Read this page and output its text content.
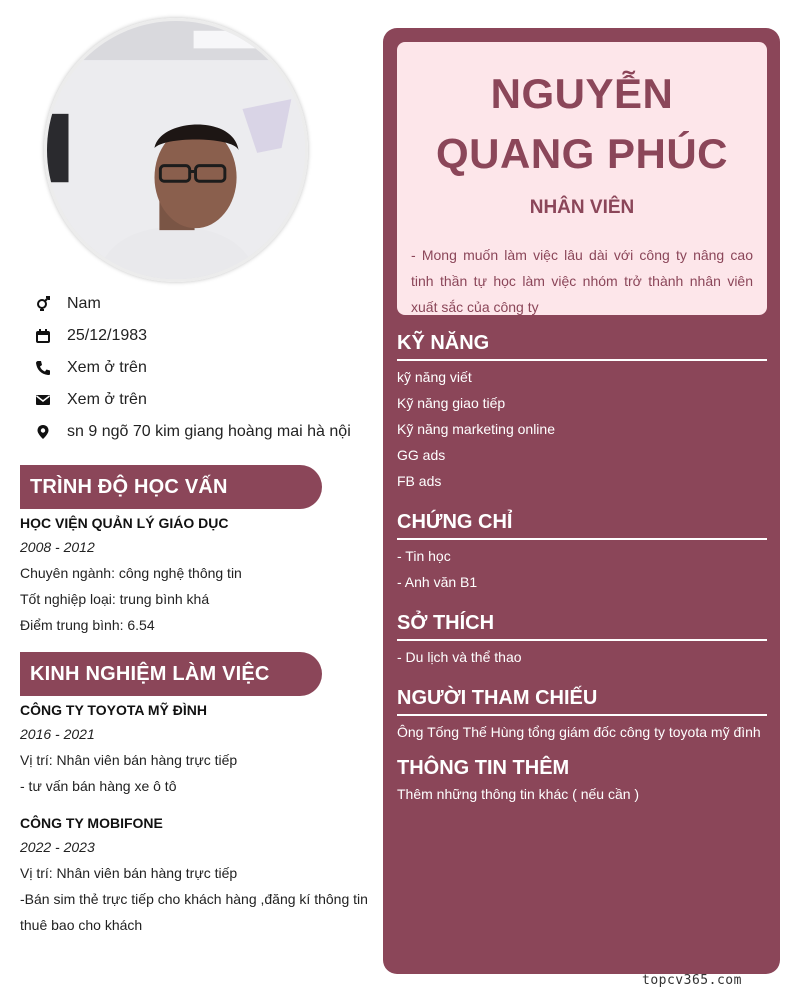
Nam
25/12/1983
Xem ở trên
Xem ở trên
sn 9 ngõ 70 kim giang hoàng mai hà nội
TRÌNH ĐỘ HỌC VẤN
HỌC VIỆN QUẢN LÝ GIÁO DỤC
2008 - 2012
Chuyên ngành: công nghệ thông tin
Tốt nghiệp loại: trung bình khá
Điểm trung bình: 6.54
KINH NGHIỆM LÀM VIỆC
CÔNG TY TOYOTA MỸ ĐÌNH
2016 - 2021
Vị trí: Nhân viên bán hàng trực tiếp
- tư vấn bán hàng xe ô tô
CÔNG TY MOBIFONE
2022 - 2023
Vị trí: Nhân viên bán hàng trực tiếp
-Bán sim thẻ trực tiếp cho khách hàng ,đăng kí thông tin thuê bao cho khách
NGUYỄN
QUANG PHÚC
NHÂN VIÊN
- Mong muốn làm việc lâu dài với công ty nâng cao tinh thần tự học làm việc nhóm trở thành nhân viên xuất sắc của công ty
KỸ NĂNG
kỹ năng viết
Kỹ năng giao tiếp
Kỹ năng marketing online
GG ads
FB ads
CHỨNG CHỈ
- Tin học
- Anh văn B1
SỞ THÍCH
- Du lịch và thể thao
NGƯỜI THAM CHIẾU
Ông Tống Thế Hùng tổng giám đốc công ty toyota mỹ đình
THÔNG TIN THÊM
Thêm những thông tin khác ( nếu cần )
topcv365.com
